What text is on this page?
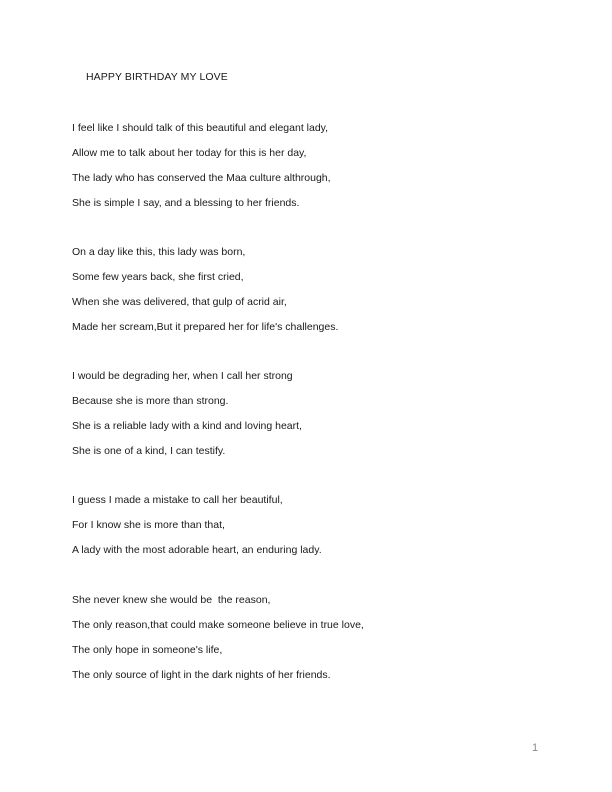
HAPPY BIRTHDAY MY LOVE
I feel like I should talk of this beautiful and elegant lady,
Allow me to talk about her today for this is her day,
The lady who has conserved the Maa culture althrough,
She is simple I say, and a blessing to her friends.
On a day like this, this lady was born,
Some few years back, she first cried,
When she was delivered, that gulp of acrid air,
Made her scream,But it prepared her for life's challenges.
I would be degrading her, when I call her strong
Because she is more than strong.
She is a reliable lady with a kind and loving heart,
She is one of a kind, I can testify.
I guess I made a mistake to call her beautiful,
For I know she is more than that,
A lady with the most adorable heart, an enduring lady.
She never knew she would be  the reason,
The only reason,that could make someone believe in true love,
The only hope in someone's life,
The only source of light in the dark nights of her friends.
1
